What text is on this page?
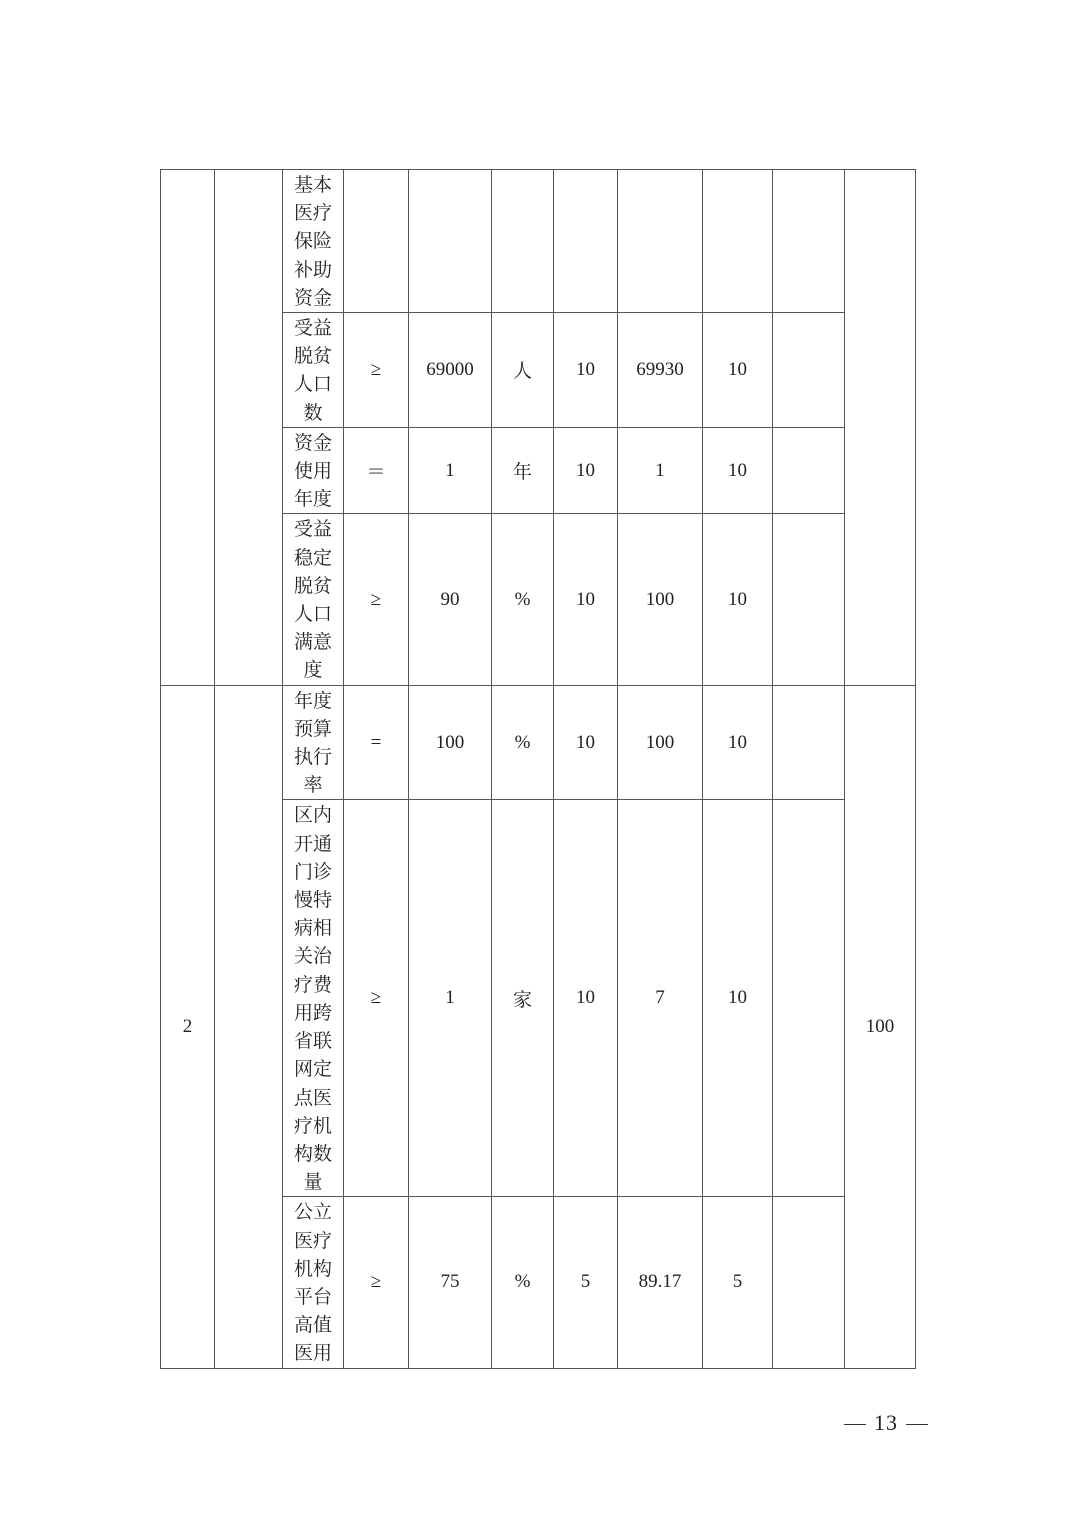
		基本医疗保险补助资金								

		受益脱贫人口数	≥	69000	人	10	69930	10		

		资金使用年度	＝	1	年	10	1	10		

		受益稳定脱贫人口满意度	≥	90	%	10	100	10		
2		年度预算执行率	=	100	%	10	100	10		100

		区内开通门诊慢特病相关治疗费用跨省联网定点医疗机构数量	≥	1	家	10	7	10		

		公立医疗机构平台高值医用	≥	75	%	5	89.17	5		
13
